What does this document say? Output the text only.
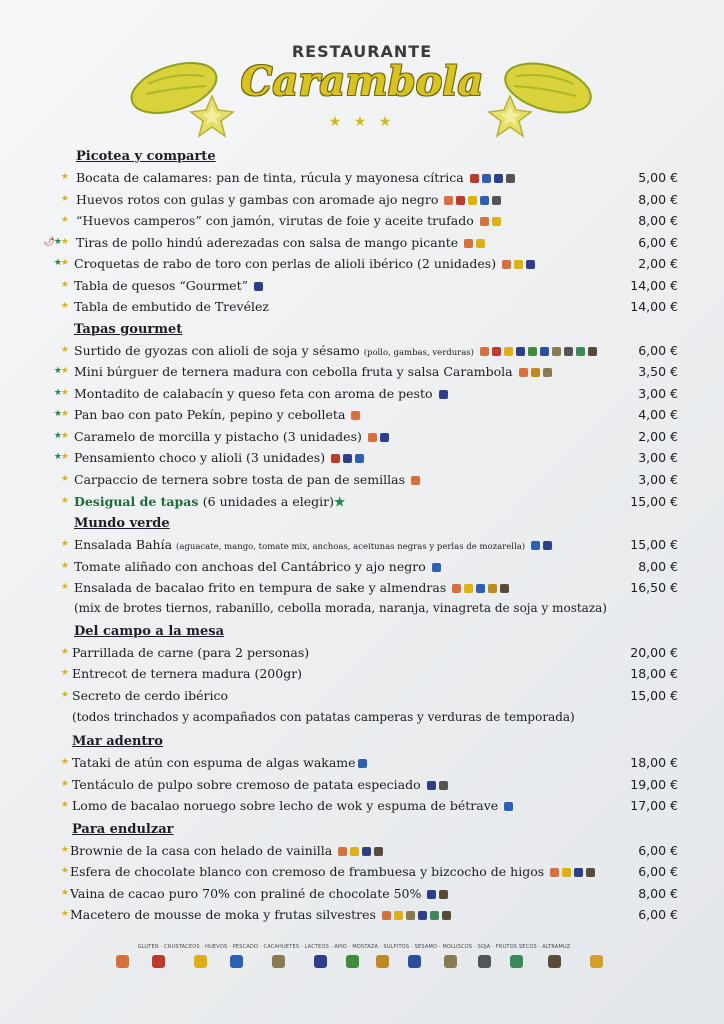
RESTAURANTE
Carambola
★ ★ ★
Picotea y comparte
★ Bocata de calamares: pan de tinta, rúcula y mayonesa cítrica	5,00 €
★ Huevos rotos con gulas y gambas con aromade ajo negro	8,00 €
★ “Huevos camperos” con jamón, virutas de foie y aceite trufado	8,00 €
🌶★★ Tiras de pollo hindú aderezadas con salsa de mango picante	6,00 €
★★ Croquetas de rabo de toro con perlas de alioli ibérico (2 unidades)	2,00 €
★ Tabla de quesos “Gourmet”	14,00 €
★ Tabla de embutido de Trevélez	14,00 €
Tapas gourmet
★ Surtido de gyozas con alioli de soja y sésamo (pollo, gambas, verduras)	6,00 €
★★ Mini búrguer de ternera madura con cebolla fruta y salsa Carambola	3,50 €
★★ Montadito de calabacín y queso feta con aroma de pesto	3,00 €
★★ Pan bao con pato Pekín, pepino y cebolleta	4,00 €
★★ Caramelo de morcilla y pistacho (3 unidades)	2,00 €
★★ Pensamiento choco y alioli (3 unidades)	3,00 €
★ Carpaccio de ternera sobre tosta de pan de semillas	3,00 €
★ Desigual de tapas (6 unidades a elegir)★	15,00 €
Mundo verde
★ Ensalada Bahía (aguacate, mango, tomate mix, anchoas, aceitunas negras y perlas de mozarella)	15,00 €
★ Tomate aliñado con anchoas del Cantábrico y ajo negro	8,00 €
★ Ensalada de bacalao frito en tempura de sake y almendras	16,50 €
(mix de brotes tiernos, rabanillo, cebolla morada, naranja, vinagreta de soja y mostaza)
Del campo a la mesa
★ Parrillada de carne (para 2 personas)	20,00 €
★ Entrecot de ternera madura (200gr)	18,00 €
★ Secreto de cerdo ibérico	15,00 €
(todos trinchados y acompañados con patatas camperas y verduras de temporada)
Mar adentro
★ Tataki de atún con espuma de algas wakame	18,00 €
★ Tentáculo de pulpo sobre cremoso de patata especiado	19,00 €
★ Lomo de bacalao noruego sobre lecho de wok y espuma de bétrave	17,00 €
Para endulzar
★ Brownie de la casa con helado de vainilla	6,00 €
★ Esfera de chocolate blanco con cremoso de frambuesa y bizcocho de higos	6,00 €
★ Vaina de cacao puro 70% con praliné de chocolate 50%	8,00 €
★ Macetero de mousse de moka y frutas silvestres	6,00 €
GLUTEN · CRUSTACEOS · HUEVOS · PESCADO · CACAHUETES · LACTEOS · APIO · MOSTAZA · SULFITOS · SESAMO · MOLUSCOS · SOJA · FRUTOS SECOS · ALTRAMUZ
